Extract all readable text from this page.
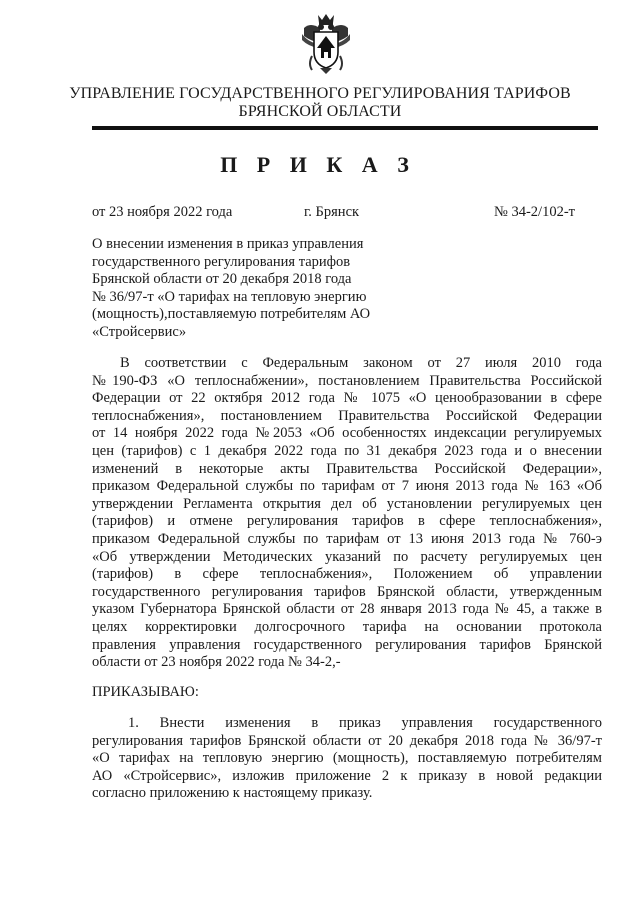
УПРАВЛЕНИЕ ГОСУДАРСТВЕННОГО РЕГУЛИРОВАНИЯ ТАРИФОВ
БРЯНСКОЙ ОБЛАСТИ
П Р И К А З
от 23 ноября 2022 года	г. Брянск	№ 34-2/102-т
О внесении изменения в приказ управления
государственного регулирования тарифов
Брянской области от 20 декабря 2018 года
№ 36/97-т «О тарифах на тепловую энергию
(мощность),поставляемую потребителям АО
«Стройсервис»
В соответствии с Федеральным законом от 27 июля 2010 года
№190-ФЗ «О теплоснабжении», постановлением Правительства Российской
Федерации от 22 октября 2012 года № 1075 «О ценообразовании в сфере
теплоснабжения», постановлением Правительства Российской Федерации
от 14 ноября 2022 года №2053 «Об особенностях индексации регулируемых
цен (тарифов) с 1 декабря 2022 года по 31 декабря 2023 года и о внесении
изменений в некоторые акты Правительства Российской Федерации»,
приказом Федеральной службы по тарифам от 7 июня 2013 года № 163 «Об
утверждении Регламента открытия дел об установлении регулируемых цен
(тарифов) и отмене регулирования тарифов в сфере теплоснабжения»,
приказом Федеральной службы по тарифам от 13 июня 2013 года № 760-э
«Об утверждении Методических указаний по расчету регулируемых цен
(тарифов) в сфере теплоснабжения», Положением об управлении
государственного регулирования тарифов Брянской области, утвержденным
указом Губернатора Брянской области от 28 января 2013 года № 45, а также в
целях корректировки долгосрочного тарифа на основании протокола
правления управления государственного регулирования тарифов Брянской
области от 23 ноября 2022 года № 34-2,-
ПРИКАЗЫВАЮ:
1. Внести изменения в приказ управления государственного
регулирования тарифов Брянской области от 20 декабря 2018 года № 36/97-т
«О тарифах на тепловую энергию (мощность), поставляемую потребителям
АО «Стройсервис», изложив приложение 2 к приказу в новой редакции
согласно приложению к настоящему приказу.
